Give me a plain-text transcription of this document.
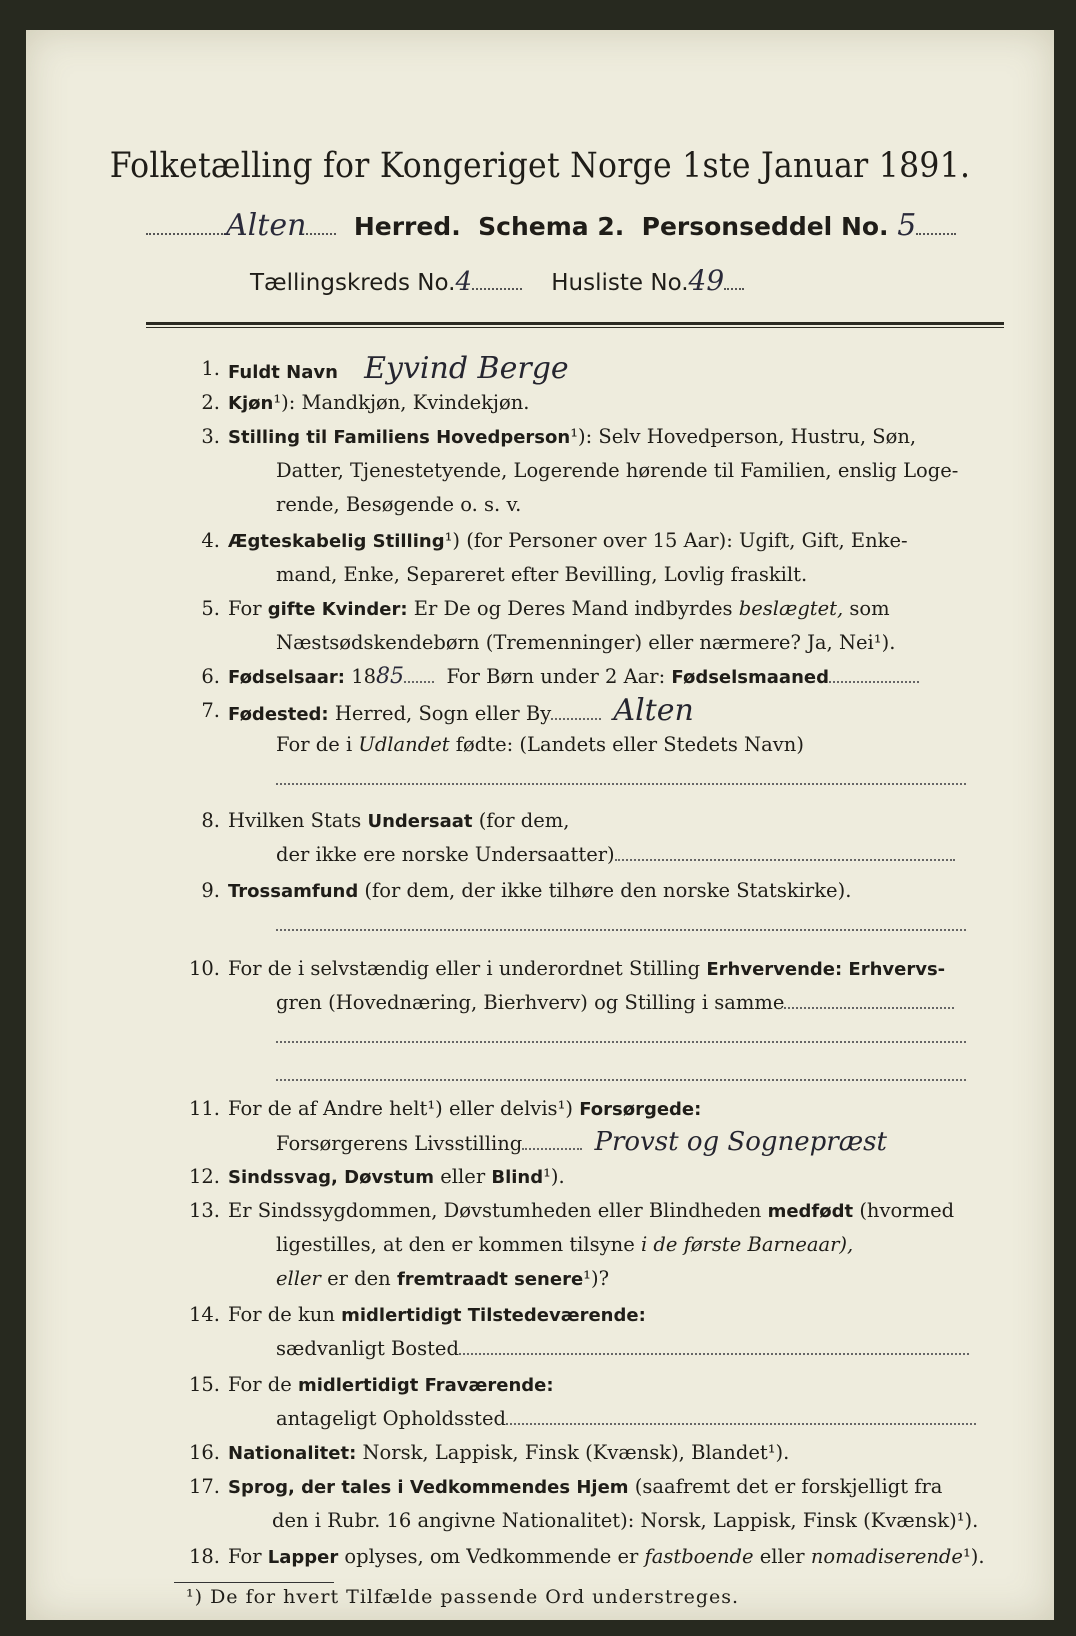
Folketælling for Kongeriget Norge 1ste Januar 1891.
Alten Herred. Schema 2. Personseddel No. 5
Tællingskreds No.4	Husliste No.49
1. Fuldt Navn Eyvind Berge
2. Kjøn¹): Mandkjøn, Kvindekjøn.
3. Stilling til Familiens Hovedperson¹): Selv Hovedperson, Hustru, Søn,
Datter, Tjenestetyende, Logerende hørende til Familien, enslig Loge-
rende, Besøgende o. s. v.
4. Ægteskabelig Stilling¹) (for Personer over 15 Aar): Ugift, Gift, Enke-
mand, Enke, Separeret efter Bevilling, Lovlig fraskilt.
5. For gifte Kvinder: Er De og Deres Mand indbyrdes beslægtet, som
Næstsødskendebørn (Tremenninger) eller nærmere? Ja, Nei¹).
6. Fødselsaar: 1885 For Børn under 2 Aar: Fødselsmaaned
7. Fødested: Herred, Sogn eller By Alten
For de i Udlandet fødte: (Landets eller Stedets Navn)
8. Hvilken Stats Undersaat (for dem,
der ikke ere norske Undersaatter)
9. Trossamfund (for dem, der ikke tilhøre den norske Statskirke).
10. For de i selvstændig eller i underordnet Stilling Erhvervende: Erhvervs-
gren (Hovednæring, Bierhverv) og Stilling i samme
11. For de af Andre helt¹) eller delvis¹) Forsørgede:
Forsørgerens Livsstilling	Provst og Sognepræst
12. Sindssvag, Døvstum eller Blind¹).
13. Er Sindssygdommen, Døvstumheden eller Blindheden medfødt (hvormed
ligestilles, at den er kommen tilsyne i de første Barneaar),
eller er den fremtraadt senere¹)?
14. For de kun midlertidigt Tilstedeværende:
sædvanligt Bosted
15. For de midlertidigt Fraværende:
antageligt Opholdssted
16. Nationalitet: Norsk, Lappisk, Finsk (Kvænsk), Blandet¹).
17. Sprog, der tales i Vedkommendes Hjem (saafremt det er forskjelligt fra
den i Rubr. 16 angivne Nationalitet): Norsk, Lappisk, Finsk (Kvænsk)¹).
18. For Lapper oplyses, om Vedkommende er fastboende eller nomadiserende¹).
¹) De for hvert Tilfælde passende Ord understreges.
